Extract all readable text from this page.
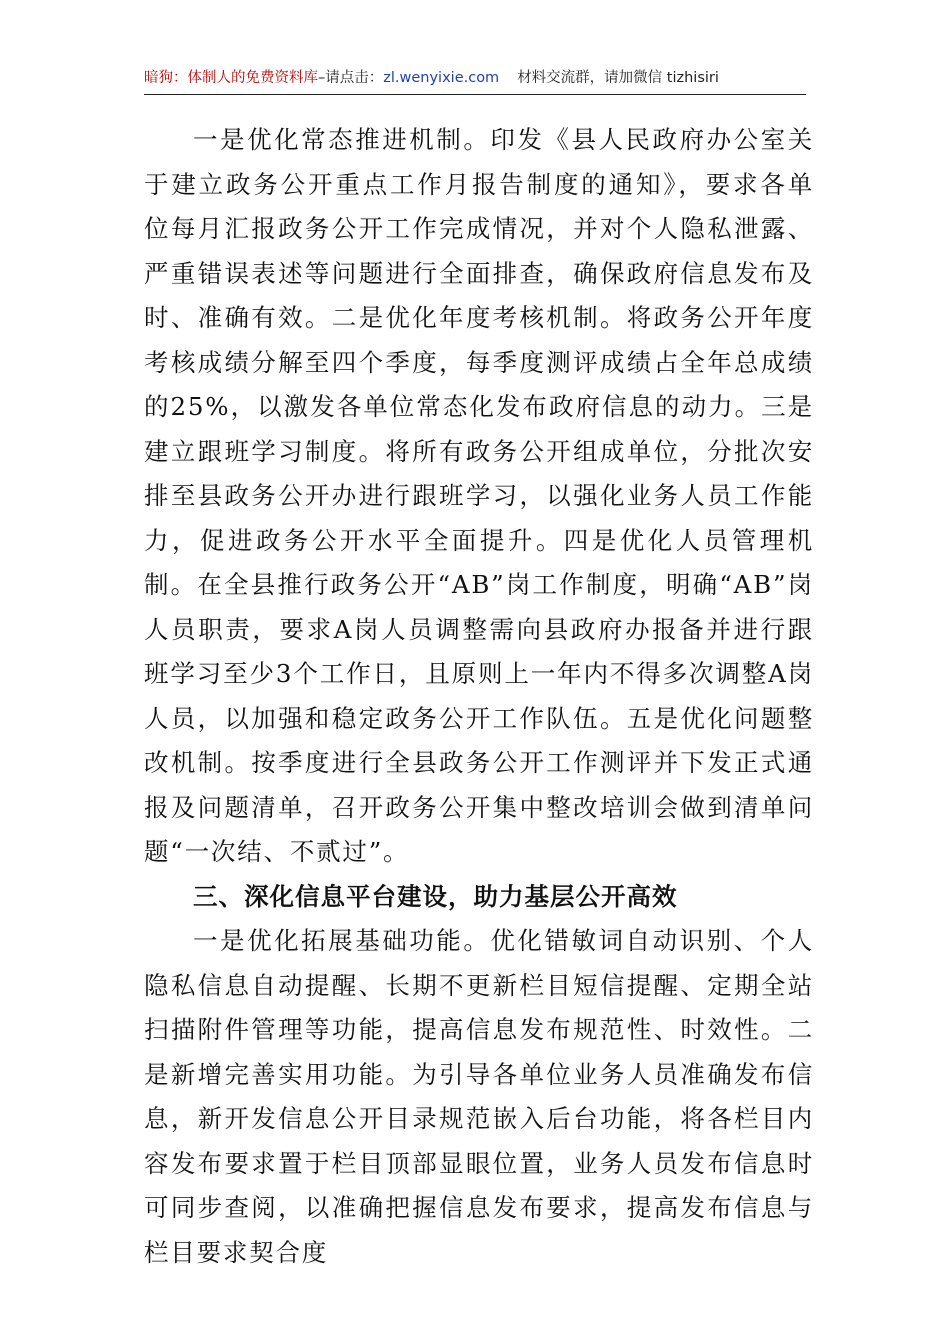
暗狗：体制人的免费资料库–请点击：zl.wenyixie.com 材料交流群，请加微信 tizhisiri

一是优化常态推进机制。印发《县人民政府办公室关于建立政务公开重点工作月报告制度的通知》，要求各单位每月汇报政务公开工作完成情况，并对个人隐私泄露、严重错误表述等问题进行全面排查，确保政府信息发布及时、准确有效。二是优化年度考核机制。将政务公开年度考核成绩分解至四个季度，每季度测评成绩占全年总成绩的25%，以激发各单位常态化发布政府信息的动力。三是建立跟班学习制度。将所有政务公开组成单位，分批次安排至县政务公开办进行跟班学习，以强化业务人员工作能力，促进政务公开水平全面提升。四是优化人员管理机制。在全县推行政务公开“AB”岗工作制度，明确“AB”岗人员职责，要求A岗人员调整需向县政府办报备并进行跟班学习至少3个工作日，且原则上一年内不得多次调整A岗人员，以加强和稳定政务公开工作队伍。五是优化问题整改机制。按季度进行全县政务公开工作测评并下发正式通报及问题清单，召开政务公开集中整改培训会做到清单问题“一次结、不贰过”。

三、深化信息平台建设，助力基层公开高效

一是优化拓展基础功能。优化错敏词自动识别、个人隐私信息自动提醒、长期不更新栏目短信提醒、定期全站扫描附件管理等功能，提高信息发布规范性、时效性。二是新增完善实用功能。为引导各单位业务人员准确发布信息，新开发信息公开目录规范嵌入后台功能，将各栏目内容发布要求置于栏目顶部显眼位置，业务人员发布信息时可同步查阅，以准确把握信息发布要求，提高发布信息与栏目要求契合度
